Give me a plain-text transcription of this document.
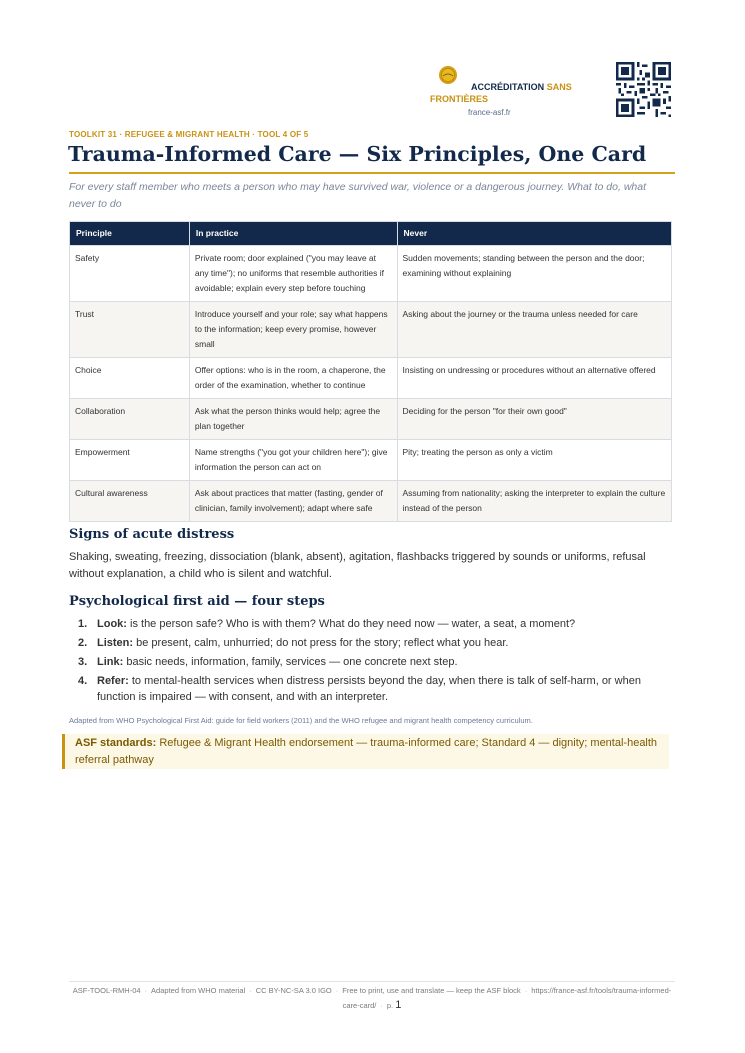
ACCRÉDITATION SANS FRONTIÈRES
france-asf.fr
TOOLKIT 31 · REFUGEE & MIGRANT HEALTH · TOOL 4 OF 5
Trauma-Informed Care — Six Principles, One Card
For every staff member who meets a person who may have survived war, violence or a dangerous journey. What to do, what never to do
Principle	In practice	Never
Safety	Private room; door explained ("you may leave at any time"); no uniforms that resemble authorities if avoidable; explain every step before touching	Sudden movements; standing between the person and the door; examining without explaining
Trust	Introduce yourself and your role; say what happens to the information; keep every promise, however small	Asking about the journey or the trauma unless needed for care
Choice	Offer options: who is in the room, a chaperone, the order of the examination, whether to continue	Insisting on undressing or procedures without an alternative offered
Collaboration	Ask what the person thinks would help; agree the plan together	Deciding for the person "for their own good"
Empowerment	Name strengths ("you got your children here"); give information the person can act on	Pity; treating the person as only a victim
Cultural awareness	Ask about practices that matter (fasting, gender of clinician, family involvement); adapt where safe	Assuming from nationality; asking the interpreter to explain the culture instead of the person
Signs of acute distress

Shaking, sweating, freezing, dissociation (blank, absent), agitation, flashbacks triggered by sounds or uniforms, refusal without explanation, a child who is silent and watchful.

Psychological first aid — four steps
1. Look: is the person safe? Who is with them? What do they need now — water, a seat, a moment?
2. Listen: be present, calm, unhurried; do not press for the story; reflect what you hear.
3. Link: basic needs, information, family, services — one concrete next step.
4. Refer: to mental-health services when distress persists beyond the day, when there is talk of self-harm, or when function is impaired — with consent, and with an interpreter.
Adapted from WHO Psychological First Aid: guide for field workers (2011) and the WHO refugee and migrant health competency curriculum.
ASF standards: Refugee & Migrant Health endorsement — trauma-informed care; Standard 4 — dignity; mental-health referral pathway
ASF-TOOL-RMH-04 · Adapted from WHO material · CC BY-NC-SA 3.0 IGO · Free to print, use and translate — keep the ASF block · https://france-asf.fr/tools/trauma-informed-care-card/ · p. 1
